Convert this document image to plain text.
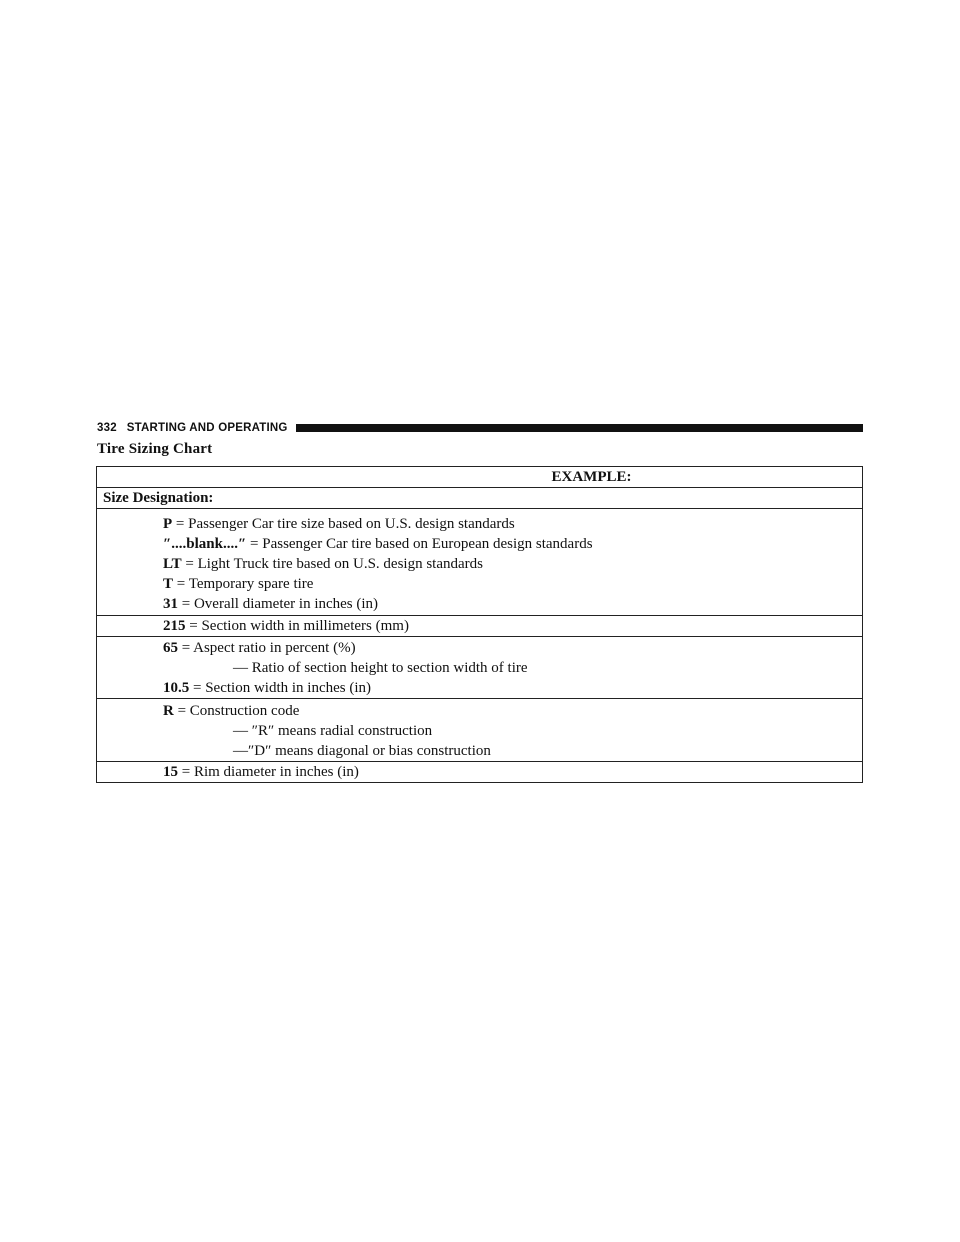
332 STARTING AND OPERATING
Tire Sizing Chart
EXAMPLE:
Size Designation:

P = Passenger Car tire size based on U.S. design standards
″....blank....″ = Passenger Car tire based on European design standards
LT = Light Truck tire based on U.S. design standards
T = Temporary spare tire
31 = Overall diameter in inches (in)

215 = Section width in millimeters (mm)

65 = Aspect ratio in percent (%)
— Ratio of section height to section width of tire
10.5 = Section width in inches (in)

R = Construction code
— ″R″ means radial construction
—″D″ means diagonal or bias construction

15 = Rim diameter in inches (in)
